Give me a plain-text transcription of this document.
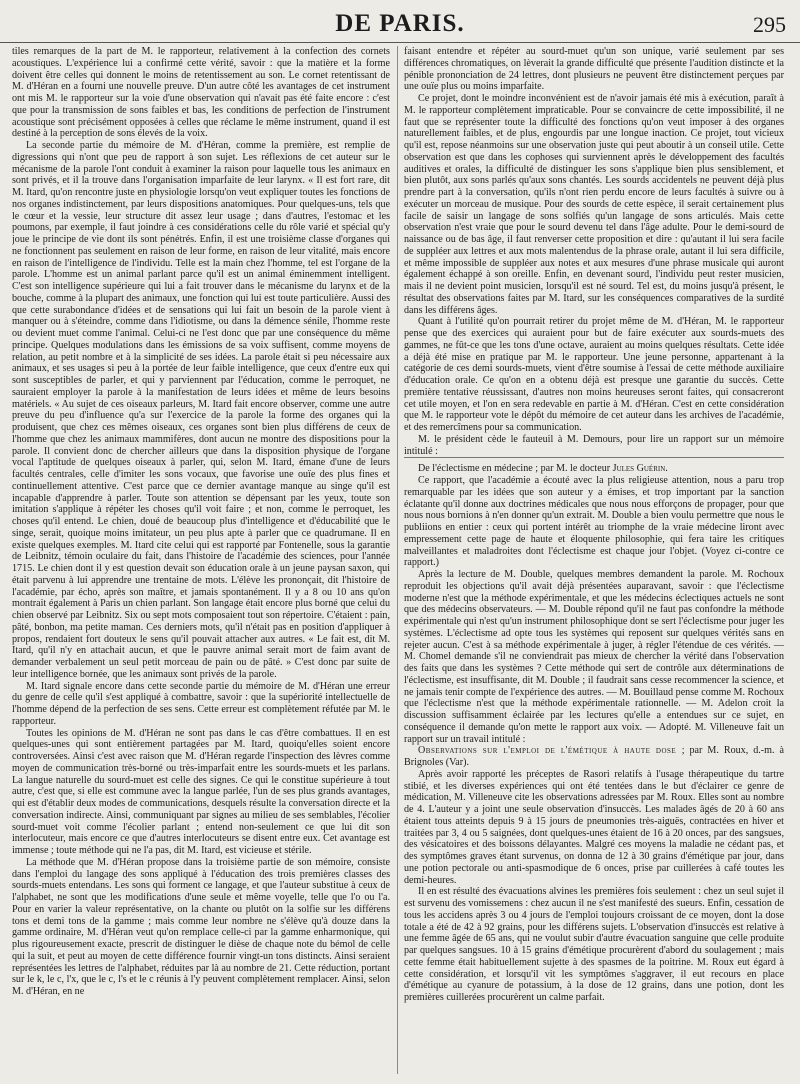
DE PARIS.	295

tiles remarques de la part de M. le rapporteur, relativement à la confection des cornets acoustiques. L'expérience lui a confirmé cette vérité, savoir : que la matière et la forme doivent être celles qui donnent le moins de retentissement au son. Le cornet retentissant de M. d'Héran en a fourni une nouvelle preuve. D'un autre côté les avantages de cet instrument ont mis M. le rapporteur sur la voie d'une observation qui n'avait pas été faite encore : c'est que pour la transmission de sons faibles et bas, les conditions de perfection de l'instrument acoustique sont précisément opposées à celles que réclame le même instrument, quand il est destiné à la perception de sons élevés de la voix.

La seconde partie du mémoire de M. d'Héran, comme la première, est remplie de digressions qui n'ont que peu de rapport à son sujet. Les réflexions de cet auteur sur le mécanisme de la parole l'ont conduit à examiner la raison pour laquelle tous les animaux en sont privés, et il la trouve dans l'organisation imparfaite de leur larynx. « Il est fort rare, dit M. Itard, qu'on rencontre juste en physiologie lorsqu'on veut expliquer toutes les fonctions de nos organes indistinctement, par leurs dispositions anatomiques. Pour quelques-uns, tels que le cœur et la vessie, leur structure dit assez leur usage ; dans d'autres, l'estomac et les poumons, par exemple, il faut joindre à ces considérations celle du rôle varié et spécial qu'y joue le principe de vie dont ils sont pénétrés. Enfin, il est une troisième classe d'organes qui ne fonctionnent pas seulement en raison de leur forme, en raison de leur vitalité, mais encore en raison de l'intelligence de l'individu. Telle est la main chez l'homme, tel est l'organe de la parole. L'homme est un animal parlant parce qu'il est un animal éminemment intelligent. C'est son intelligence supérieure qui lui a fait trouver dans le mécanisme du larynx et de la bouche, comme à la plupart des animaux, une fonction qui lui est toute particulière. Aussi des que cette surabondance d'idées et de sensations qui lui fait un besoin de la parole vient à manquer ou à s'éteindre, comme dans l'idiotisme, ou dans la démence sénile, l'homme reste ou devient muet comme l'animal. Celui-ci ne l'est donc que par une conséquence du même principe. Quelques modulations dans les émissions de sa voix suffisent, comme moyens de relation, au petit nombre et à la simplicité de ses idées. La parole était si peu nécessaire aux animaux, et ses usages si peu à la portée de leur faible intelligence, que ceux d'entre eux qui sont susceptibles de parler, et qui y parviennent par l'éducation, comme le perroquet, ne sauraient employer la parole à la manifestation de leurs idées et même de leurs besoins matériels. « Au sujet de ces oiseaux parleurs, M. Itard fait encore observer, comme une autre preuve du peu d'influence qu'a sur l'exercice de la parole la forme des organes qui la produisent, que chez ces mêmes oiseaux, ces organes sont bien plus différens de ceux de l'homme que chez les animaux mammifères, dont aucun ne montre des dispositions pour la parole. Il convient donc de chercher ailleurs que dans la disposition physique de l'organe vocal l'aptitude de quelques oiseaux à parler, qui, selon M. Itard, émane d'une de leurs facultés centrales, celle d'imiter les sons vocaux, que favorise une ouïe des plus fines et continuellement attentive. C'est parce que ce dernier avantage manque au singe qu'il est incapable d'apprendre à parler. Toute son attention se dépensant par les yeux, toute son imitation s'applique à répéter les choses qu'il voit faire ; et non, comme le perroquet, les choses qu'il entend. Le chien, doué de beaucoup plus d'intelligence et d'éducabilité que le singe, serait, quoique moins imitateur, un peu plus apte à parler que ce quadrumane. Il en existe quelques exemples. M. Itard cite celui qui est rapporté par Fontenelle, sous la garantie de Leibnitz, témoin oculaire du fait, dans l'histoire de l'académie des sciences, pour l'année 1715. Le chien dont il y est question devait son éducation orale à un jeune paysan saxon, qui était parvenu à lui apprendre une trentaine de mots. L'élève les prononçait, dit l'histoire de l'académie, par écho, après son maître, et jamais spontanément. Il y a 8 ou 10 ans qu'on montrait également à Paris un chien parlant. Son langage était encore plus borné que celui du chien observé par Leibnitz. Six ou sept mots composaient tout son répertoire. C'étaient : pain, pâté, bonbon, ma petite maman. Ces derniers mots, qu'il n'était pas en position d'appliquer à propos, rendaient fort douteux le sens qu'il pouvait attacher aux autres. « Le fait est, dit M. Itard, qu'il n'y en attachait aucun, et que le pauvre animal serait mort de faim avant de demander verbalement un seul petit morceau de pain ou de pâté. » C'est donc par suite de leur intelligence bornée, que les animaux sont privés de la parole.

M. Itard signale encore dans cette seconde partie du mémoire de M. d'Héran une erreur du genre de celle qu'il s'est appliqué à combattre, savoir : que la supériorité intellectuelle de l'homme dépend de la perfection de ses sens. Cette erreur est complètement réfutée par M. le rapporteur.

Toutes les opinions de M. d'Héran ne sont pas dans le cas d'être combattues. Il en est quelques-unes qui sont entièrement partagées par M. Itard, quoiqu'elles soient encore controversées. Ainsi c'est avec raison que M. d'Héran regarde l'inspection des lèvres comme moyen de communication très-borné ou très-imparfait entre les sourds-muets et les parlans. La langue naturelle du sourd-muet est celle des signes. Ce qui le constitue supérieure à tout autre, c'est que, si elle est commune avec la langue parlée, l'un de ses plus grands avantages, qui est d'établir deux modes de communications, desquels résulte la conversation directe et la conversation indirecte. Ainsi, communiquant par signes au milieu de ses semblables, l'écolier sourd-muet voit comme l'écolier parlant ; entend non-seulement ce que lui dit son interlocuteur, mais encore ce que d'autres interlocuteurs se disent entre eux. Cet avantage est immense ; toute méthode qui ne l'a pas, dit M. Itard, est vicieuse et stérile.

La méthode que M. d'Héran propose dans la troisième partie de son mémoire, consiste dans l'emploi du langage des sons appliqué à l'éducation des trois premières classes des sourds-muets entendans. Les sons qui forment ce langage, et que l'auteur substitue à ceux de l'alphabet, ne sont que les modifications d'une seule et même voyelle, telle que l'o ou l'a. Pour en varier la valeur représentative, on la chante ou plutôt on la solfie sur les différens tons et demi tons de la gamme ; mais comme leur nombre ne s'élève qu'à douze dans la gamme ordinaire, M. d'Héran veut qu'on remplace celle-ci par la gamme enharmonique, qui plus rigoureusement exacte, prescrit de distinguer le dièse de chaque note du bémol de celle qui la suit, et peut au moyen de cette différence fournir vingt-un tons distincts. Ainsi seraient représentées les lettres de l'alphabet, réduites par là au nombre de 21. Cette réduction, portant sur le k, le c, l'x, que le c, l's et le c réunis à l'y peuvent complètement remplacer. Ainsi, selon M. d'Héran, en ne

faisant entendre et répéter au sourd-muet qu'un son unique, varié seulement par ses différences chromatiques, on lèverait la grande difficulté que présente l'audition distincte et la pénible prononciation de 24 lettres, dont plusieurs ne peuvent être distinctement perçues par une ouïe plus ou moins imparfaite.

Ce projet, dont le moindre inconvénient est de n'avoir jamais été mis à exécution, paraît à M. le rapporteur complètement impraticable. Pour se convaincre de cette impossibilité, il ne faut que se représenter toute la difficulté des fonctions qu'on veut imposer à des organes naturellement faibles, et de plus, engourdis par une longue inaction. Ce projet, tout vicieux qu'il est, repose néanmoins sur une observation juste qui peut aboutir à un conseil utile. Cette observation est que dans les cophoses qui surviennent après le développement des facultés auditives et orales, la difficulté de distinguer les sons s'applique bien plus sensiblement, et bien plutôt, aux sons parlés qu'aux sons chantés. Les sourds accidentels ne peuvent déjà plus prendre part à la conversation, qu'ils n'ont rien perdu encore de leurs facultés à suivre ou à exécuter un morceau de musique. Pour des sourds de cette espèce, il serait certainement plus facile de saisir un langage de sons solfiés qu'un langage de sons articulés. Mais cette observation n'est vraie que pour le sourd devenu tel dans l'âge adulte. Pour le demi-sourd de naissance ou de bas âge, il faut renverser cette proposition et dire : qu'autant il lui sera facile de suppléer aux lettres et aux mots malentendus de la phrase orale, autant il lui sera difficile, et même impossible de suppléer aux notes et aux mesures d'une phrase musicale qui auront également échappé à son oreille. Enfin, en devenant sourd, l'individu peut rester musicien, mais il ne devient point musicien, lorsqu'il est né sourd. Tel est, du moins jusqu'à présent, le résultat des observations faites par M. Itard, sur les conséquences comparatives de la surdité dans les différens âges.

Quant à l'utilité qu'on pourrait retirer du projet même de M. d'Héran, M. le rapporteur pense que des exercices qui auraient pour but de faire exécuter aux sourds-muets des gammes, ne fût-ce que les tons d'une octave, auraient au moins quelques résultats. Cette idée a déjà été mise en pratique par M. le rapporteur. Une jeune personne, appartenant à la catégorie de ces demi sourds-muets, vient d'être soumise à l'essai de cette méthode auxiliaire d'éducation orale. Ce qu'on en a obtenu déjà est presque une garantie du succès. Cette première tentative réussissant, d'autres non moins heureuses seront faites, qui consacreront cet utile moyen, et l'on en sera redevable en partie à M. d'Héran. C'est en cette considération que M. le rapporteur vote le dépôt du mémoire de cet auteur dans les archives de l'académie, et des remercîmens pour sa communication.

M. le président cède le fauteuil à M. Demours, pour lire un rapport sur un mémoire intitulé :

De l'éclectisme en médecine ; par M. le docteur Jules Guérin.

Ce rapport, que l'académie a écouté avec la plus religieuse attention, nous a paru trop remarquable par les idées que son auteur y a émises, et trop important par la sanction éclatante qu'il donne aux doctrines médicales que nous nous efforçons de propager, pour que nous nous bornions à n'en donner qu'un extrait. M. Double a bien voulu permettre que nous le publiions en entier : ceux qui portent intérêt au triomphe de la vraie médecine liront avec empressement cette page de haute et éloquente philosophie, qui fera taire les critiques malveillantes et maladroites dont l'éclectisme est chaque jour l'objet. (Voyez ci-contre ce rapport.)

Après la lecture de M. Double, quelques membres demandent la parole. M. Rochoux reproduit les objections qu'il avait déjà présentées auparavant, savoir : que l'éclectisme moderne n'est que la méthode expérimentale, et que les médecins éclectiques actuels ne sont que des médecins observateurs. — M. Double répond qu'il ne faut pas confondre la méthode expérimentale qui n'est qu'un instrument philosophique dont se sert l'éclectisme pour juger les systèmes. L'éclectisme ad opte tous les systèmes qui reposent sur quelques vérités sans en rejeter aucun. C'est à sa méthode expérimentale à juger, à régler l'étendue de ces vérités. — M. Chomel demande s'il ne conviendrait pas mieux de chercher la vérité dans l'observation des faits que dans les systèmes ? Cette méthode qui sert de contrôle aux déterminations de l'éclectisme, est insuffisante, dit M. Double ; il faudrait sans cesse recommencer la science, et ne jamais tenir compte de l'expérience des autres. — M. Bouillaud pense comme M. Rochoux que l'éclectisme n'est que la méthode expérimentale rationnelle. — M. Adelon croit la discussion suffisamment éclairée par les lectures qu'elle a entendues sur ce sujet, en conséquence il demande qu'on mette le rapport aux voix. — Adopté. M. Villeneuve fait un rapport sur un travail intitulé :

Observations sur l'emploi de l'émétique à haute dose ; par M. Roux, d.-m. à Brignoles (Var).

Après avoir rapporté les préceptes de Rasori relatifs à l'usage thérapeutique du tartre stibié, et les diverses expériences qui ont été tentées dans le but d'éclairer ce genre de médication, M. Villeneuve cite les observations adressées par M. Roux. Elles sont au nombre de 4. L'auteur y a joint une seule observation d'insuccès. Les malades âgés de 20 à 60 ans étaient tous atteints depuis 9 à 15 jours de pneumonies très-aiguës, contractées en hiver et traitées par 3, 4 ou 5 saignées, dont quelques-unes étaient de 16 à 20 onces, par des sangsues, des vésicatoires et des boissons délayantes. Malgré ces moyens la maladie ne cédant pas, et des symptômes graves étant survenus, on donna de 12 à 30 grains d'émétique par jour, dans une potion pectorale ou anti-spasmodique de 6 onces, prise par cuillerées à café toutes les demi-heures.

Il en est résulté des évacuations alvines les premières fois seulement : chez un seul sujet il est survenu des vomissemens : chez aucun il ne s'est manifesté des sueurs. Enfin, cessation de tous les accidens après 3 ou 4 jours de l'emploi toujours croissant de ce moyen, dont la dose totale a été de 42 à 92 grains, pour les différens sujets. L'observation d'insuccès est relative à une femme âgée de 65 ans, qui ne voulut subir d'autre évacuation sanguine que celle produite par quelques sangsues. 10 à 15 grains d'émétique procurèrent d'abord du soulagement ; mais cette femme était habituellement sujette à des spasmes de la poitrine. M. Roux eut égard à cette considération, et lorsqu'il vit les symptômes s'aggraver, il eut recours en place d'émétique au cyanure de potassium, à la dose de 12 grains, dans une potion, dont les premières cuillerées procurèrent un calme parfait.
